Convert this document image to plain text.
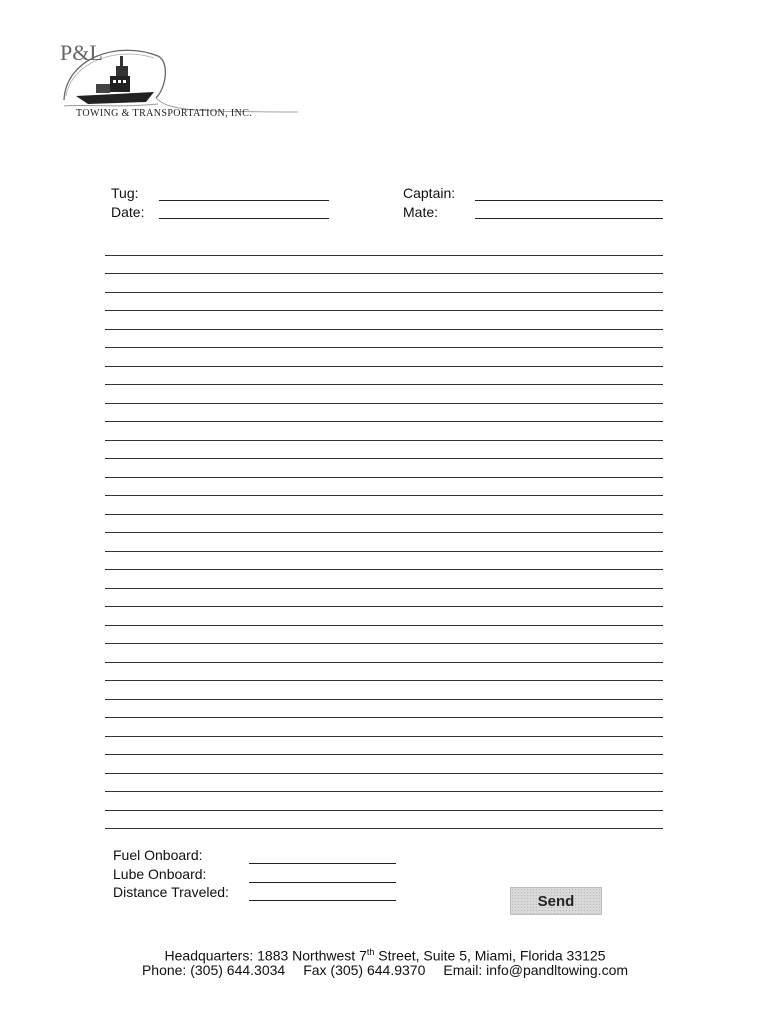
P&L
TOWING & TRANSPORTATION, INC.
Tug:
Date:
Captain:
Mate:
Fuel Onboard:
Lube Onboard:
Distance Traveled:
Send
Headquarters: 1883 Northwest 7th Street, Suite 5, Miami, Florida 33125
Phone: (305) 644.3034 Fax (305) 644.9370 Email: info@pandltowing.com
